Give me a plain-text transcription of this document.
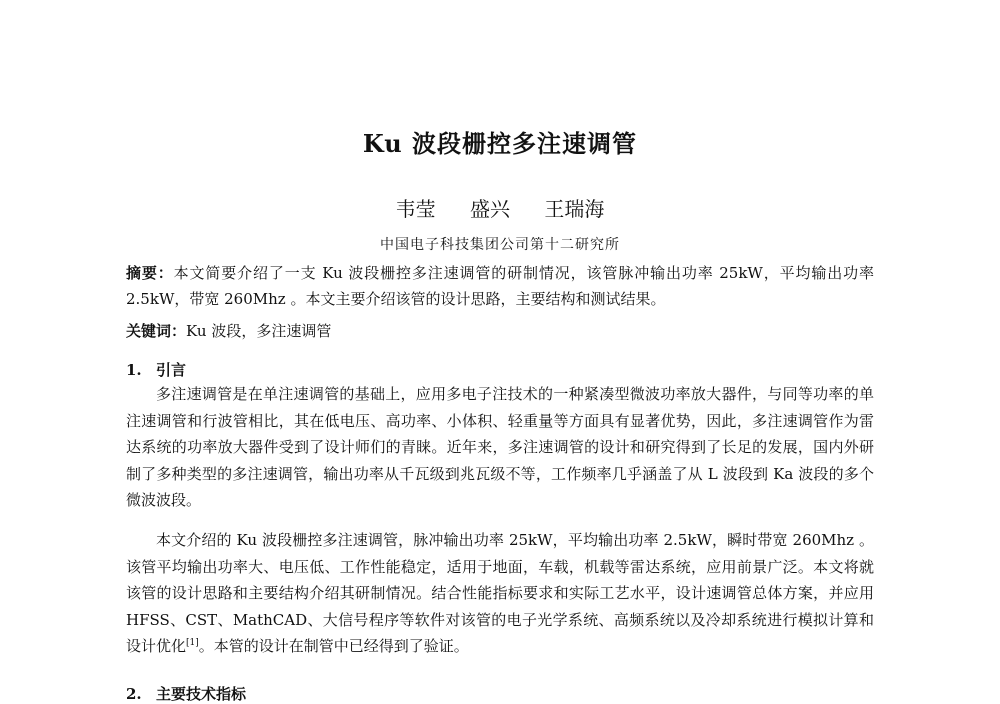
Ku 波段栅控多注速调管
韦莹 盛兴 王瑞海
中国电子科技集团公司第十二研究所
摘要：本文简要介绍了一支 Ku 波段栅控多注速调管的研制情况，该管脉冲输出功率 25kW，平均输出功率 2.5kW，带宽 260Mhz 。本文主要介绍该管的设计思路，主要结构和测试结果。
关键词：Ku 波段，多注速调管
1. 引言
多注速调管是在单注速调管的基础上，应用多电子注技术的一种紧凑型微波功率放大器件，与同等功率的单注速调管和行波管相比，其在低电压、高功率、小体积、轻重量等方面具有显著优势，因此，多注速调管作为雷达系统的功率放大器件受到了设计师们的青睐。近年来，多注速调管的设计和研究得到了长足的发展，国内外研制了多种类型的多注速调管，输出功率从千瓦级到兆瓦级不等，工作频率几乎涵盖了从 L 波段到 Ka 波段的多个微波波段。
本文介绍的 Ku 波段栅控多注速调管，脉冲输出功率 25kW，平均输出功率 2.5kW，瞬时带宽 260Mhz 。该管平均输出功率大、电压低、工作性能稳定，适用于地面，车载，机载等雷达系统，应用前景广泛。本文将就该管的设计思路和主要结构介绍其研制情况。结合性能指标要求和实际工艺水平，设计速调管总体方案，并应用 HFSS、CST、MathCAD、大信号程序等软件对该管的电子光学系统、高频系统以及冷却系统进行模拟计算和设计优化[1]。本管的设计在制管中已经得到了验证。
2. 主要技术指标
